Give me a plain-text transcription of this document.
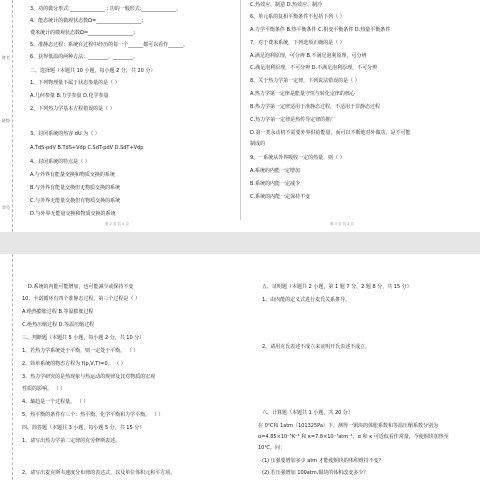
姓名
班级
学号
3、功的微分形式:______________ ; 功的一般形式:______________。
4、能态统计的微观状态数Ω=__________________；
费米统计的微观状态数Ω=__________________；
5、准静态过程：系统在过程中经历的每一个______都可以看作______。
6、获得低温的两种方法：________、________。
二、选择题（本题共 10 小题，每小题 2 分，共 20 分）
1、下列物理量不属于状态参量的是（ ）
A.几何参量 B.力学参量 D.化学参量
2、下列热力学基本方程错误的是（ ）
3、封闭系统的热容 dU 为（ ）
A.TdS-pdV B.TdS+Vdp C.SdT-pdV D.SdT+Vdp
4、封闭系统的特点是（ ）
A.与外界有能量交换和物质交换的系统
B.与外界有能量交换但无物质交换的系统
C.与外界无能量交换但有物质交换的系统
D.与外界无能量交换和物质交换的系统
C.热效应、制造 D.热效应、制冷
6、单元系的复相平衡条件不包括下列（ ）
A.力学平衡条件 B.热平衡条件 C.相变平衡条件 D.热量平衡条件
7、对于费米系统，下列选项正确的是（ ）
A.满足泡利原理，可分辨 B.不满足泡利原理，可分辨
C.满足泡利原理，不可分辨 D.不满足泡利原理，不可分辨
8、关于热力学第一定律，下列说法错误的是（ ）
A.热力学第一定律是能量守恒与转化定律的核心
B.热力学第一定律适用于准静态过程，不适用于非静态过程
C.热力学第一定律是热传导定律的推广
D.第一类永动机不需要外界供给能量，而可以不断地对外做功，是不可能
制成的
9、一系统从外界吸收一定的热量，则（ ）
A.系统的内能一定增加
B.系统的内能一定减少
C.系统的内能一定保持不变
第 2 页 共 4 页	第 3 页 共 4 页
D.系统的内能可能增加，也可能减少或保持不变
10、卡诺循环有四个准静态过程，第三个过程是（ ）
A.绝热膨胀过程 B.等温膨胀过程
C.绝热压缩过程 D.等温压缩过程
三、判断题（本题共 5 小题，每小题 2 分，共 10 分）
1、若热力学系统处于平衡，则一定处于平衡。 （ ）
2、简单系统的物态方程为 f(p,V,T)=0。 （ ）
3、热力学研究的是热现象与热运动的规律及其对物质的宏观
性质的影响。 （ ）
4、熵趋是一个过程量。 （ ）
5、热平衡的条件有三个：热平衡、化学平衡和力学平衡。 （ ）
四、简答题（本题共 3 小题，每小题 5 分，共 15 分）
1、请写出热力学第二定律的克劳修斯表述。
2、请写出麦克斯韦速度分布律的表达式，以及单位体积元和平方项。
五、证明题（本题共 2 小题，第 1 题 7 分，2 题 8 分，共 15 分）
1、由内能的定义式进行麦氏关系推导。
2、请用克氏表述不成立来证明开氏表述不成立。
六、计算题（本题共 1 小题，共 20 分）
在 0℃和 1atm（101325Pa）下，测得一铜块的体胀系数和等温压缩系数分别为
α=4.85×10⁻⁵K⁻¹ 和 κ=7.8×10⁻⁷atm⁻¹，α 和 κ 可近似看作常量，今使铜块加热至
10℃。问：
(1) 压强要增加多少 atm 才能使铜块的体积维持不变？
(2) 若压强增加 100atm,铜块的体积改变多少？
